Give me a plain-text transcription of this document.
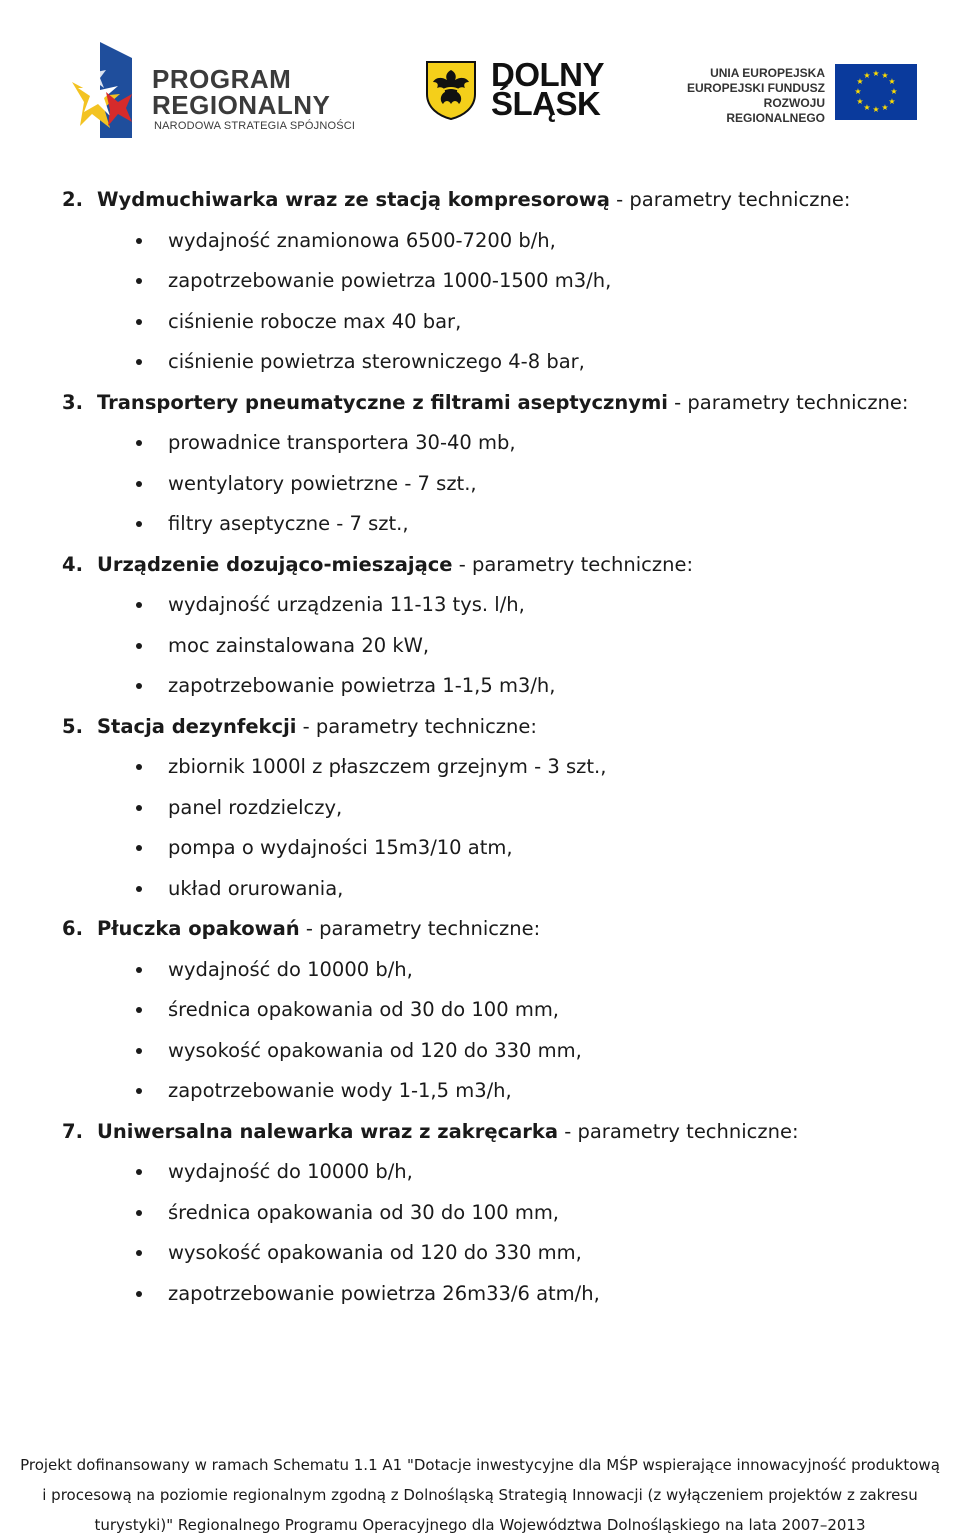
PROGRAM
REGIONALNY
NARODOWA STRATEGIA SPÓJNOŚCI
DOLNY
ŚLĄSK
UNIA EUROPEJSKA
EUROPEJSKI FUNDUSZ
ROZWOJU REGIONALNEGO
★ ★
★
★
★
★
★
★
★
★
★
★
2. Wydmuchiwarka wraz ze stacją kompresorową - parametry techniczne:
wydajność znamionowa 6500-7200 b/h,
zapotrzebowanie powietrza 1000-1500 m3/h,
ciśnienie robocze max 40 bar,
ciśnienie powietrza sterowniczego 4-8 bar,
3. Transportery pneumatyczne z filtrami aseptycznymi - parametry techniczne:
prowadnice transportera 30-40 mb,
wentylatory powietrzne - 7 szt.,
filtry aseptyczne - 7 szt.,
4. Urządzenie dozująco-mieszające - parametry techniczne:
wydajność urządzenia 11-13 tys. l/h,
moc zainstalowana 20 kW,
zapotrzebowanie powietrza 1-1,5 m3/h,
5. Stacja dezynfekcji - parametry techniczne:
zbiornik 1000l z płaszczem grzejnym - 3 szt.,
panel rozdzielczy,
pompa o wydajności 15m3/10 atm,
układ orurowania,
6. Płuczka opakowań - parametry techniczne:
wydajność do 10000 b/h,
średnica opakowania od 30 do 100 mm,
wysokość opakowania od 120 do 330 mm,
zapotrzebowanie wody 1-1,5 m3/h,
7. Uniwersalna nalewarka wraz z zakręcarka - parametry techniczne:
wydajność do 10000 b/h,
średnica opakowania od 30 do 100 mm,
wysokość opakowania od 120 do 330 mm,
zapotrzebowanie powietrza 26m33/6 atm/h,
Projekt dofinansowany w ramach Schematu 1.1 A1 "Dotacje inwestycyjne dla MŚP wspierające innowacyjność produktową
i procesową na poziomie regionalnym zgodną z Dolnośląską Strategią Innowacji (z wyłączeniem projektów z zakresu
turystyki)" Regionalnego Programu Operacyjnego dla Województwa Dolnośląskiego na lata 2007–2013
